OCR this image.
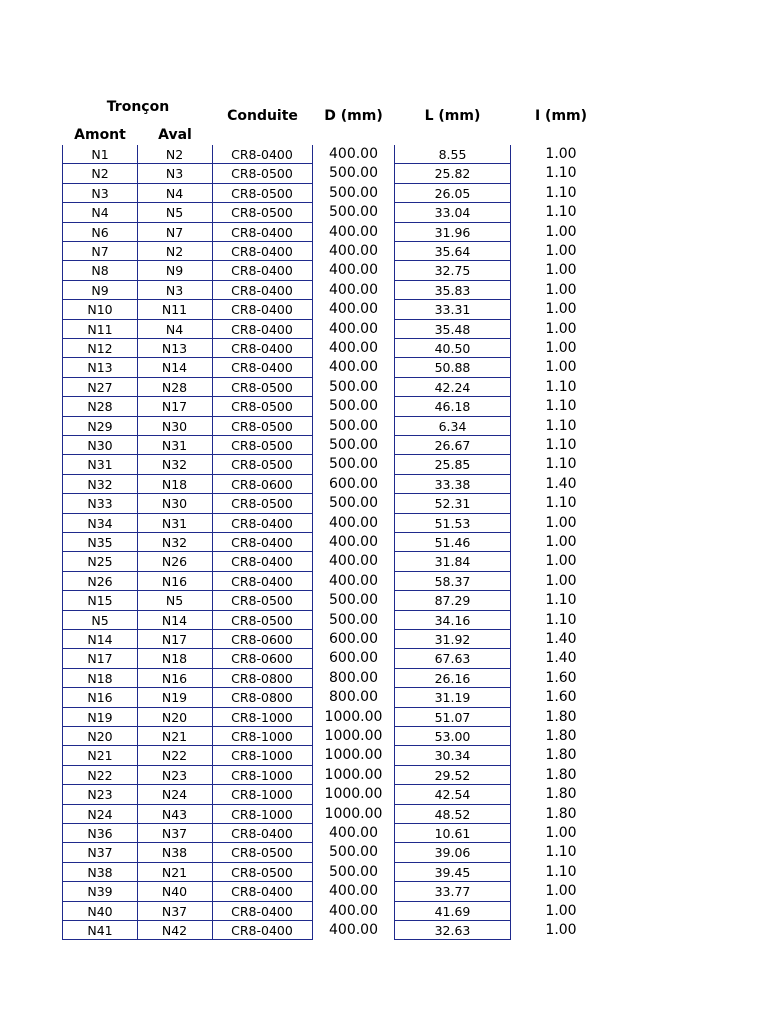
Tronçon
Amont	Aval
Conduite	D (mm)	L (mm)	I (mm)
N1	N2	CR8-0400	400.00	8.55	1.00
N2	N3	CR8-0500	500.00	25.82	1.10
N3	N4	CR8-0500	500.00	26.05	1.10
N4	N5	CR8-0500	500.00	33.04	1.10
N6	N7	CR8-0400	400.00	31.96	1.00
N7	N2	CR8-0400	400.00	35.64	1.00
N8	N9	CR8-0400	400.00	32.75	1.00
N9	N3	CR8-0400	400.00	35.83	1.00
N10	N11	CR8-0400	400.00	33.31	1.00
N11	N4	CR8-0400	400.00	35.48	1.00
N12	N13	CR8-0400	400.00	40.50	1.00
N13	N14	CR8-0400	400.00	50.88	1.00
N27	N28	CR8-0500	500.00	42.24	1.10
N28	N17	CR8-0500	500.00	46.18	1.10
N29	N30	CR8-0500	500.00	6.34	1.10
N30	N31	CR8-0500	500.00	26.67	1.10
N31	N32	CR8-0500	500.00	25.85	1.10
N32	N18	CR8-0600	600.00	33.38	1.40
N33	N30	CR8-0500	500.00	52.31	1.10
N34	N31	CR8-0400	400.00	51.53	1.00
N35	N32	CR8-0400	400.00	51.46	1.00
N25	N26	CR8-0400	400.00	31.84	1.00
N26	N16	CR8-0400	400.00	58.37	1.00
N15	N5	CR8-0500	500.00	87.29	1.10
N5	N14	CR8-0500	500.00	34.16	1.10
N14	N17	CR8-0600	600.00	31.92	1.40
N17	N18	CR8-0600	600.00	67.63	1.40
N18	N16	CR8-0800	800.00	26.16	1.60
N16	N19	CR8-0800	800.00	31.19	1.60
N19	N20	CR8-1000	1000.00	51.07	1.80
N20	N21	CR8-1000	1000.00	53.00	1.80
N21	N22	CR8-1000	1000.00	30.34	1.80
N22	N23	CR8-1000	1000.00	29.52	1.80
N23	N24	CR8-1000	1000.00	42.54	1.80
N24	N43	CR8-1000	1000.00	48.52	1.80
N36	N37	CR8-0400	400.00	10.61	1.00
N37	N38	CR8-0500	500.00	39.06	1.10
N38	N21	CR8-0500	500.00	39.45	1.10
N39	N40	CR8-0400	400.00	33.77	1.00
N40	N37	CR8-0400	400.00	41.69	1.00
N41	N42	CR8-0400	400.00	32.63	1.00
